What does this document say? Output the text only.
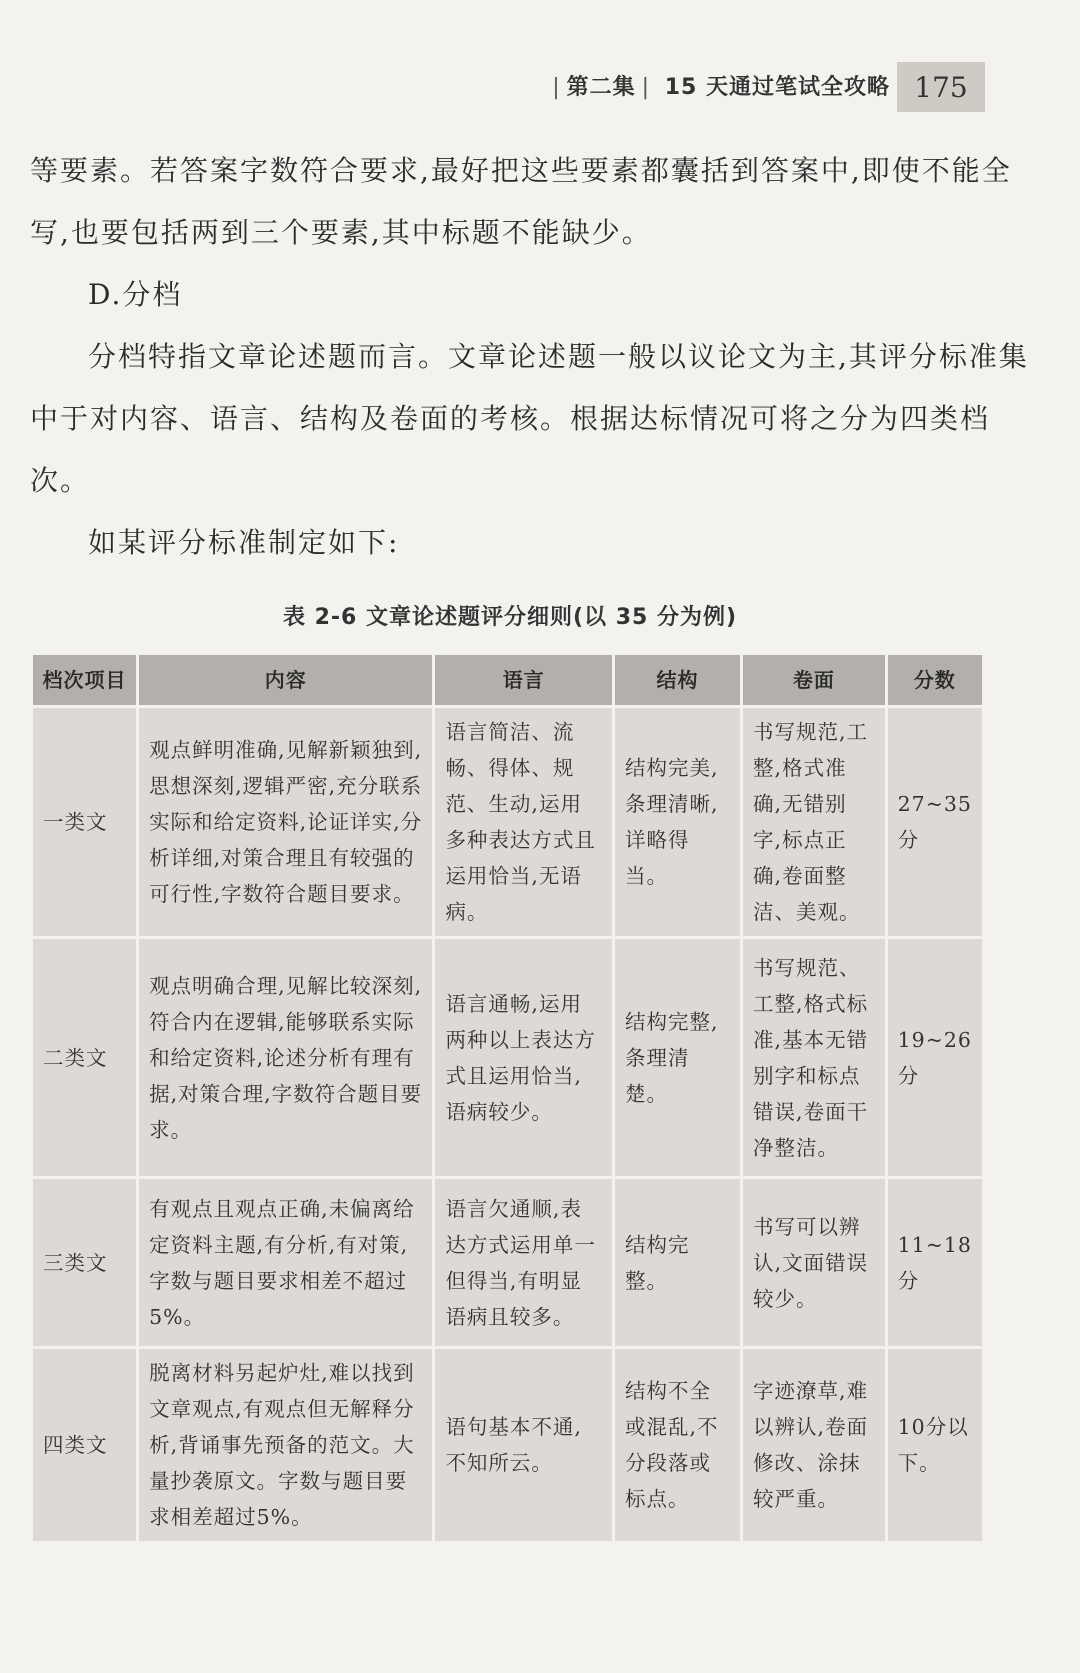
| 第二集 | 15 天通过笔试全攻略 175

等要素。若答案字数符合要求,最好把这些要素都囊括到答案中,即使不能全写,也要包括两到三个要素,其中标题不能缺少。

D.分档

分档特指文章论述题而言。文章论述题一般以议论文为主,其评分标准集中于对内容、语言、结构及卷面的考核。根据达标情况可将之分为四类档次。

如某评分标准制定如下:

表 2-6 文章论述题评分细则(以 35 分为例)
档次项目	内容	语言	结构	卷面	分数
一类文	观点鲜明准确,见解新颖独到,思想深刻,逻辑严密,充分联系实际和给定资料,论证详实,分析详细,对策合理且有较强的可行性,字数符合题目要求。	语言简洁、流畅、得体、规范、生动,运用多种表达方式且运用恰当,无语病。	结构完美,条理清晰,详略得当。	书写规范,工整,格式准确,无错别字,标点正确,卷面整洁、美观。	27~35分
二类文	观点明确合理,见解比较深刻,符合内在逻辑,能够联系实际和给定资料,论述分析有理有据,对策合理,字数符合题目要求。	语言通畅,运用两种以上表达方式且运用恰当,语病较少。	结构完整,条理清楚。	书写规范、工整,格式标准,基本无错别字和标点错误,卷面干净整洁。	19~26分
三类文	有观点且观点正确,未偏离给定资料主题,有分析,有对策,字数与题目要求相差不超过5%。	语言欠通顺,表达方式运用单一但得当,有明显语病且较多。	结构完整。	书写可以辨认,文面错误较少。	11~18分
四类文	脱离材料另起炉灶,难以找到文章观点,有观点但无解释分析,背诵事先预备的范文。大量抄袭原文。字数与题目要求相差超过5%。	语句基本不通,不知所云。	结构不全或混乱,不分段落或标点。	字迹潦草,难以辨认,卷面修改、涂抹较严重。	10分以下。
